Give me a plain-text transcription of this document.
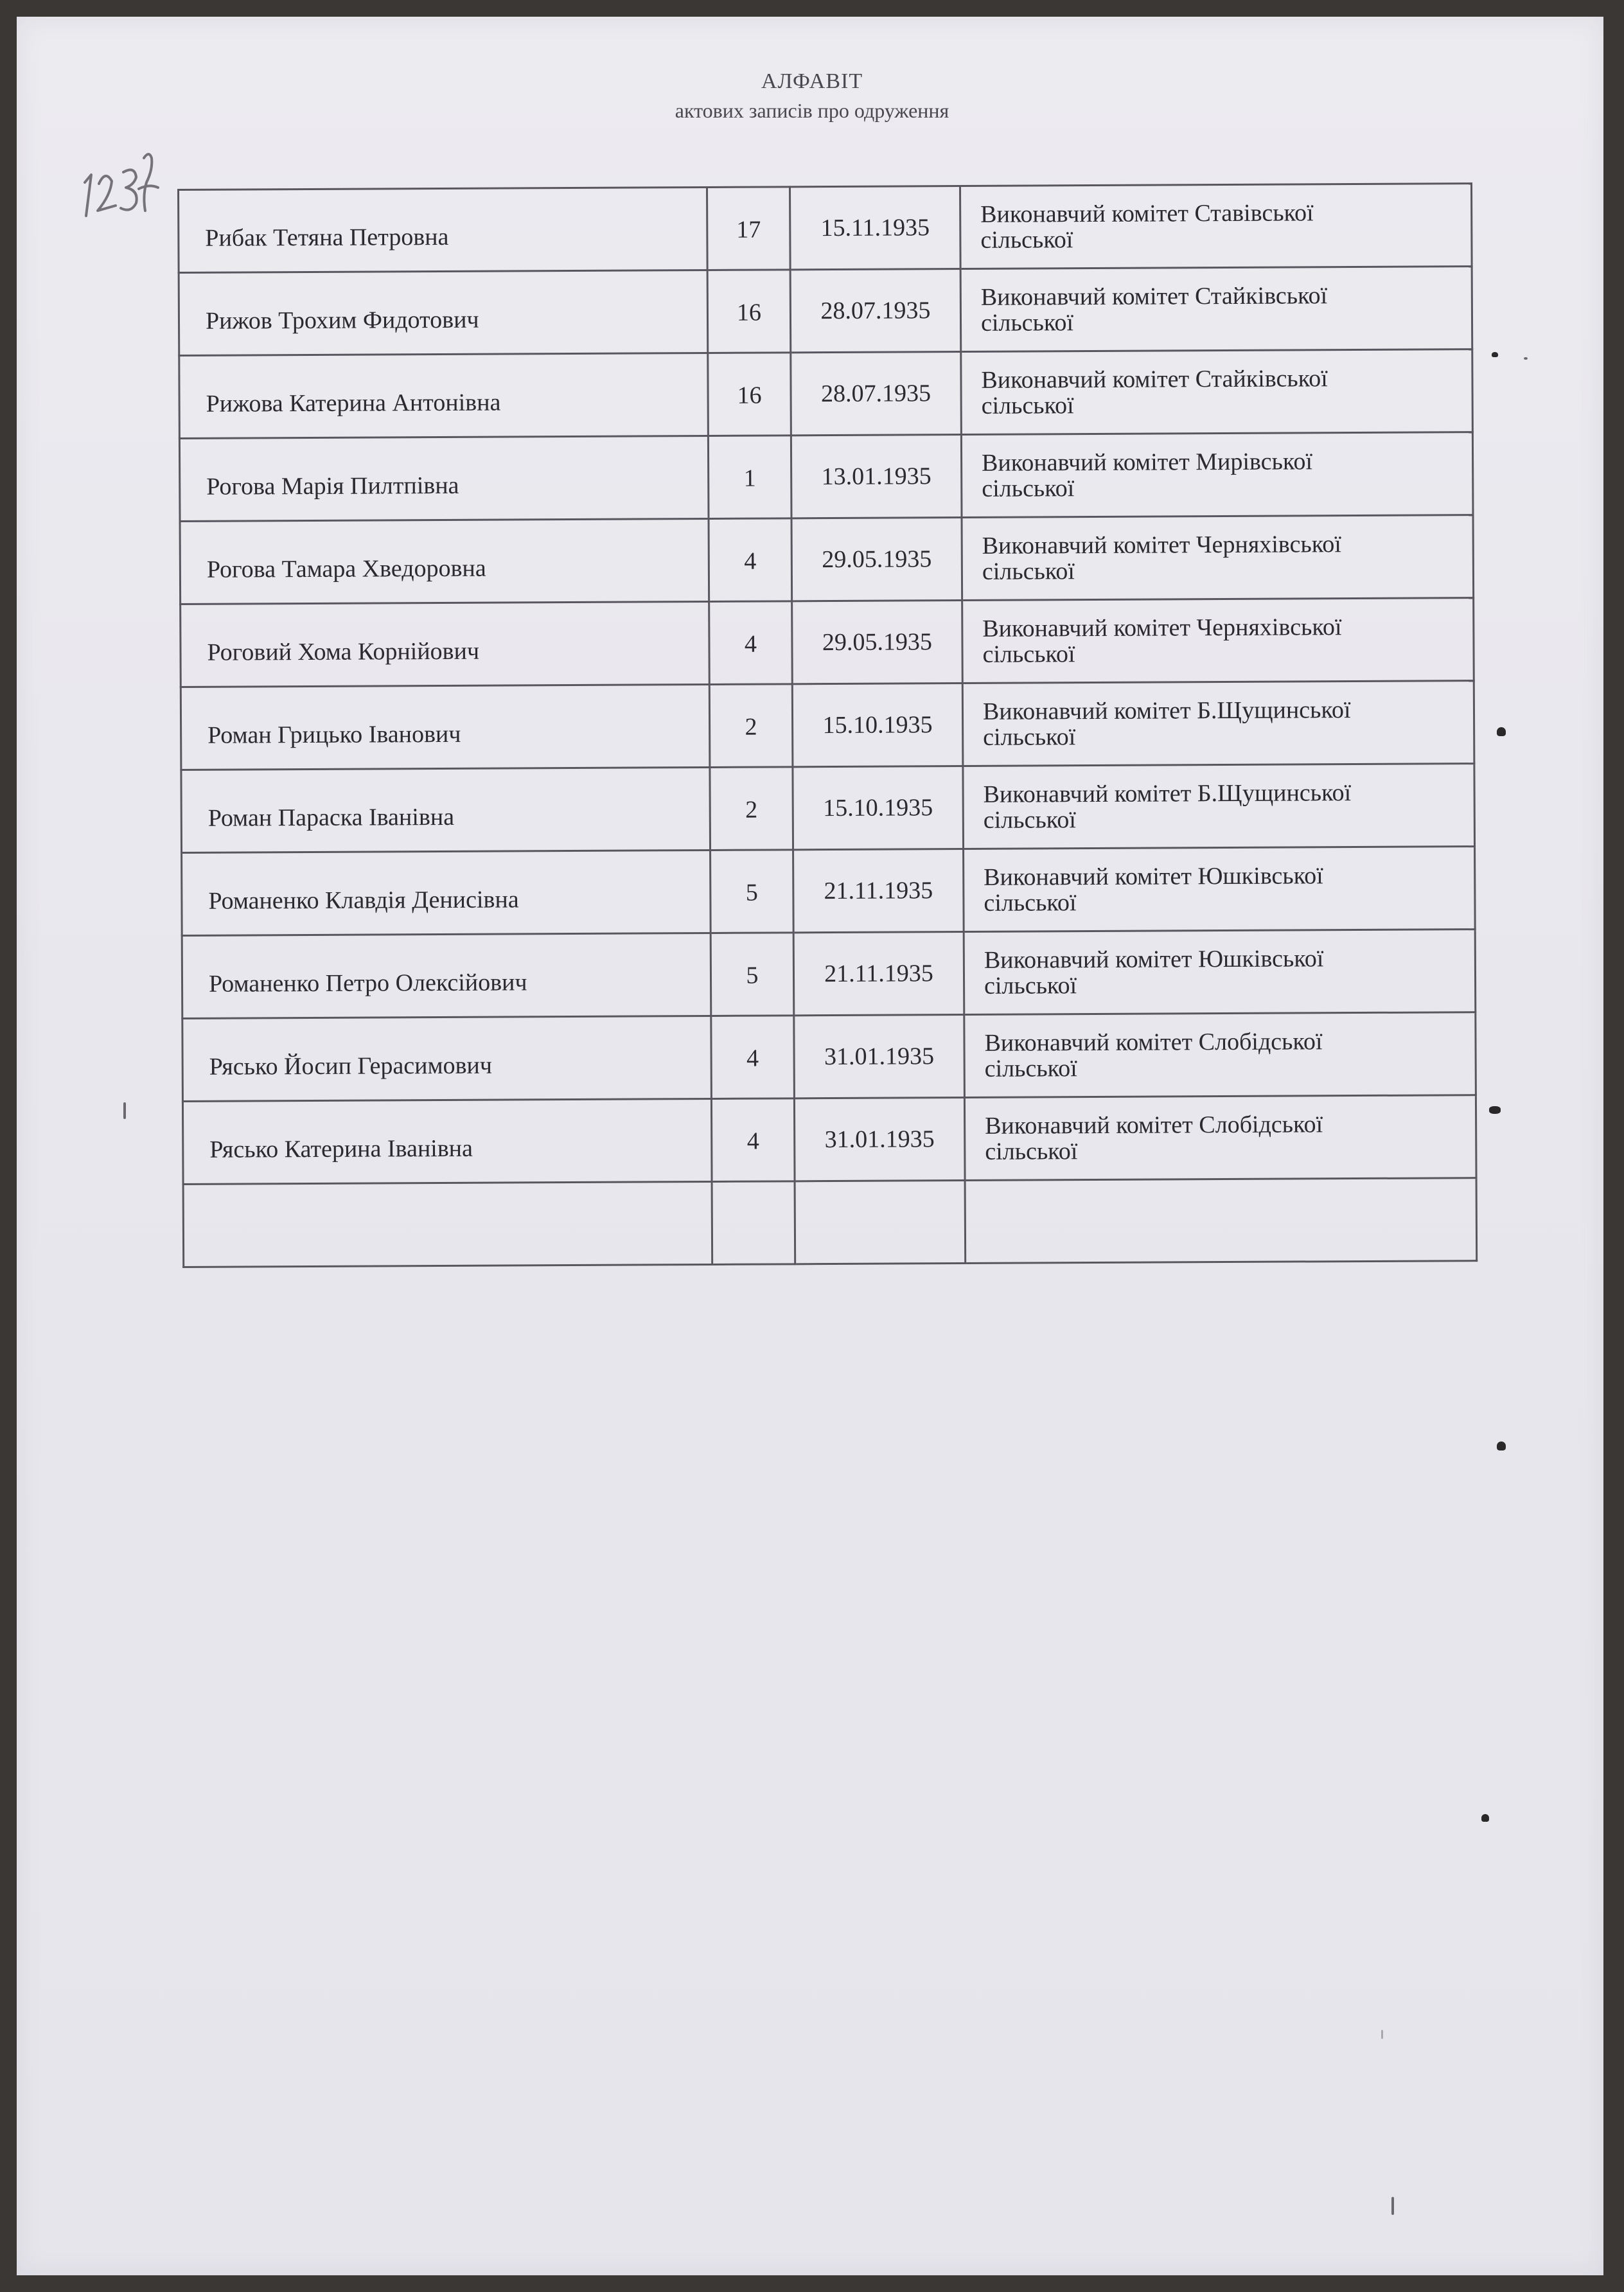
АЛФАВІТ
актових записів про одруження
Рибак Тетяна Петровна	17	15.11.1935	Виконавчий комітет Ставівської
сільської

Рижов Трохим Фидотович	16	28.07.1935	Виконавчий комітет Стайківської
сільської

Рижова Катерина Антонівна	16	28.07.1935	Виконавчий комітет Стайківської
сільської

Рогова Марія Пилтпівна	1	13.01.1935	Виконавчий комітет Мирівської
сільської

Рогова Тамара Хведоровна	4	29.05.1935	Виконавчий комітет Черняхівської
сільської

Роговий Хома Корнійович	4	29.05.1935	Виконавчий комітет Черняхівської
сільської

Роман Грицько Іванович	2	15.10.1935	Виконавчий комітет Б.Щущинської
сільської

Роман Параска Іванівна	2	15.10.1935	Виконавчий комітет Б.Щущинської
сільської

Романенко Клавдія Денисівна	5	21.11.1935	Виконавчий комітет Юшківської
сільської

Романенко Петро Олексійович	5	21.11.1935	Виконавчий комітет Юшківської
сільської

Рясько Йосип Герасимович	4	31.01.1935	Виконавчий комітет Слобідської
сільської

Рясько Катерина Іванівна	4	31.01.1935	Виконавчий комітет Слобідської
сільської
